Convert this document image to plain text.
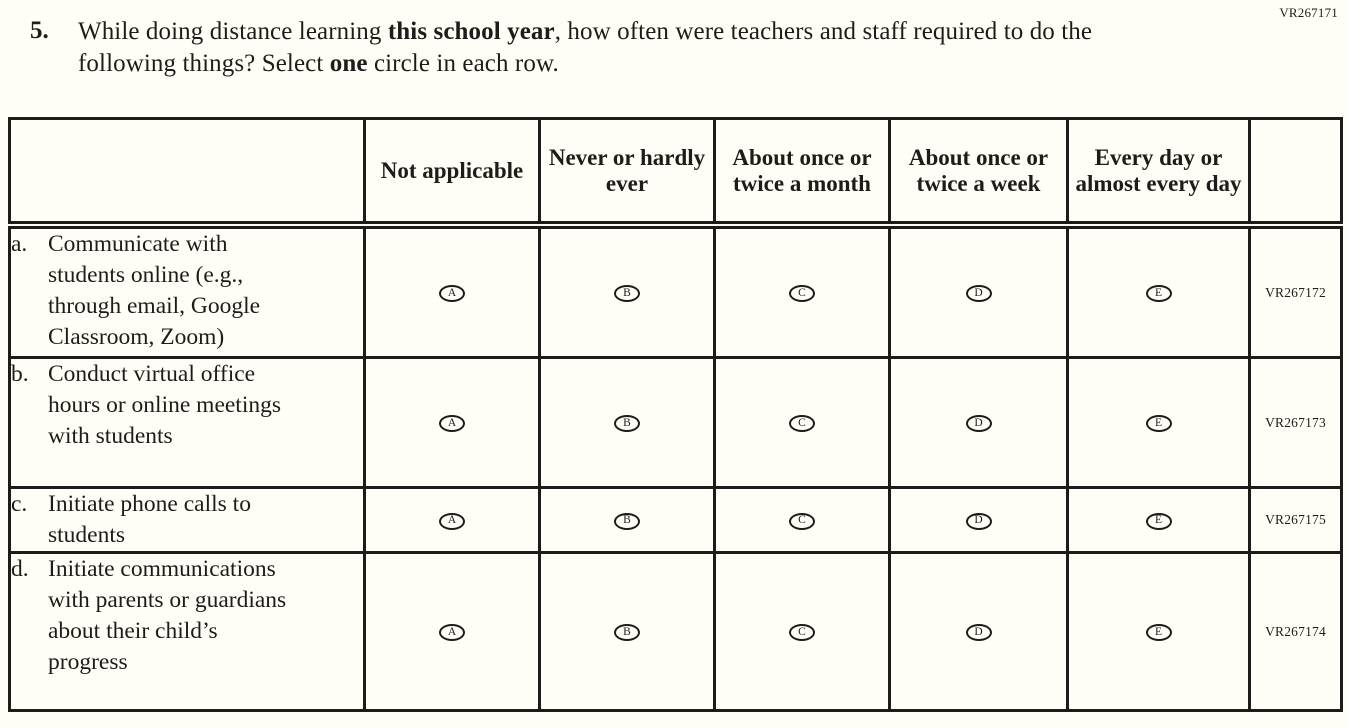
VR267171
5. While doing distance learning this school year, how often were teachers and staff required to do the following things? Select one circle in each row.

	Not applicable	Never or hardly ever	About once or twice a month	About once or twice a week	Every day or almost every day	

a. Communicate with students online (e.g., through email, Google Classroom, Zoom)	A	B	C	D	E	VR267172

b. Conduct virtual office hours or online meetings with students	A	B	C	D	E	VR267173

c. Initiate phone calls to students	A	B	C	D	E	VR267175

d. Initiate communications with parents or guardians about their child’s progress	A	B	C	D	E	VR267174
